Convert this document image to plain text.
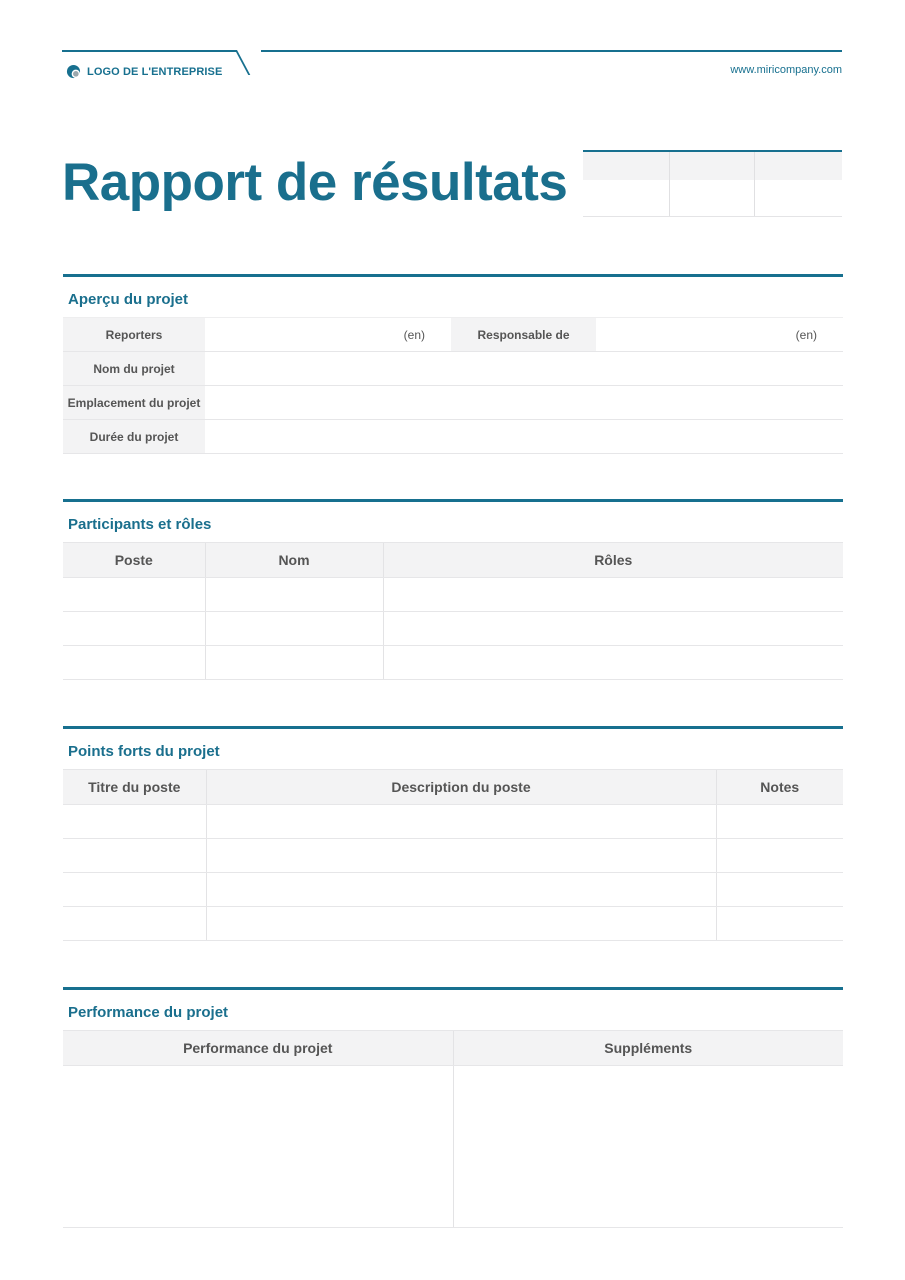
LOGO DE L'ENTREPRISE	www.miricompany.com
Rapport de résultats
Aperçu du projet
Reporters	(en)	Responsable de	(en)
Nom du projet			
Emplacement du projet			
Durée du projet			
Participants et rôles
Poste	Nom	Rôles

Points forts du projet
Titre du poste	Description du poste	Notes

Performance du projet
Performance du projet	Suppléments
